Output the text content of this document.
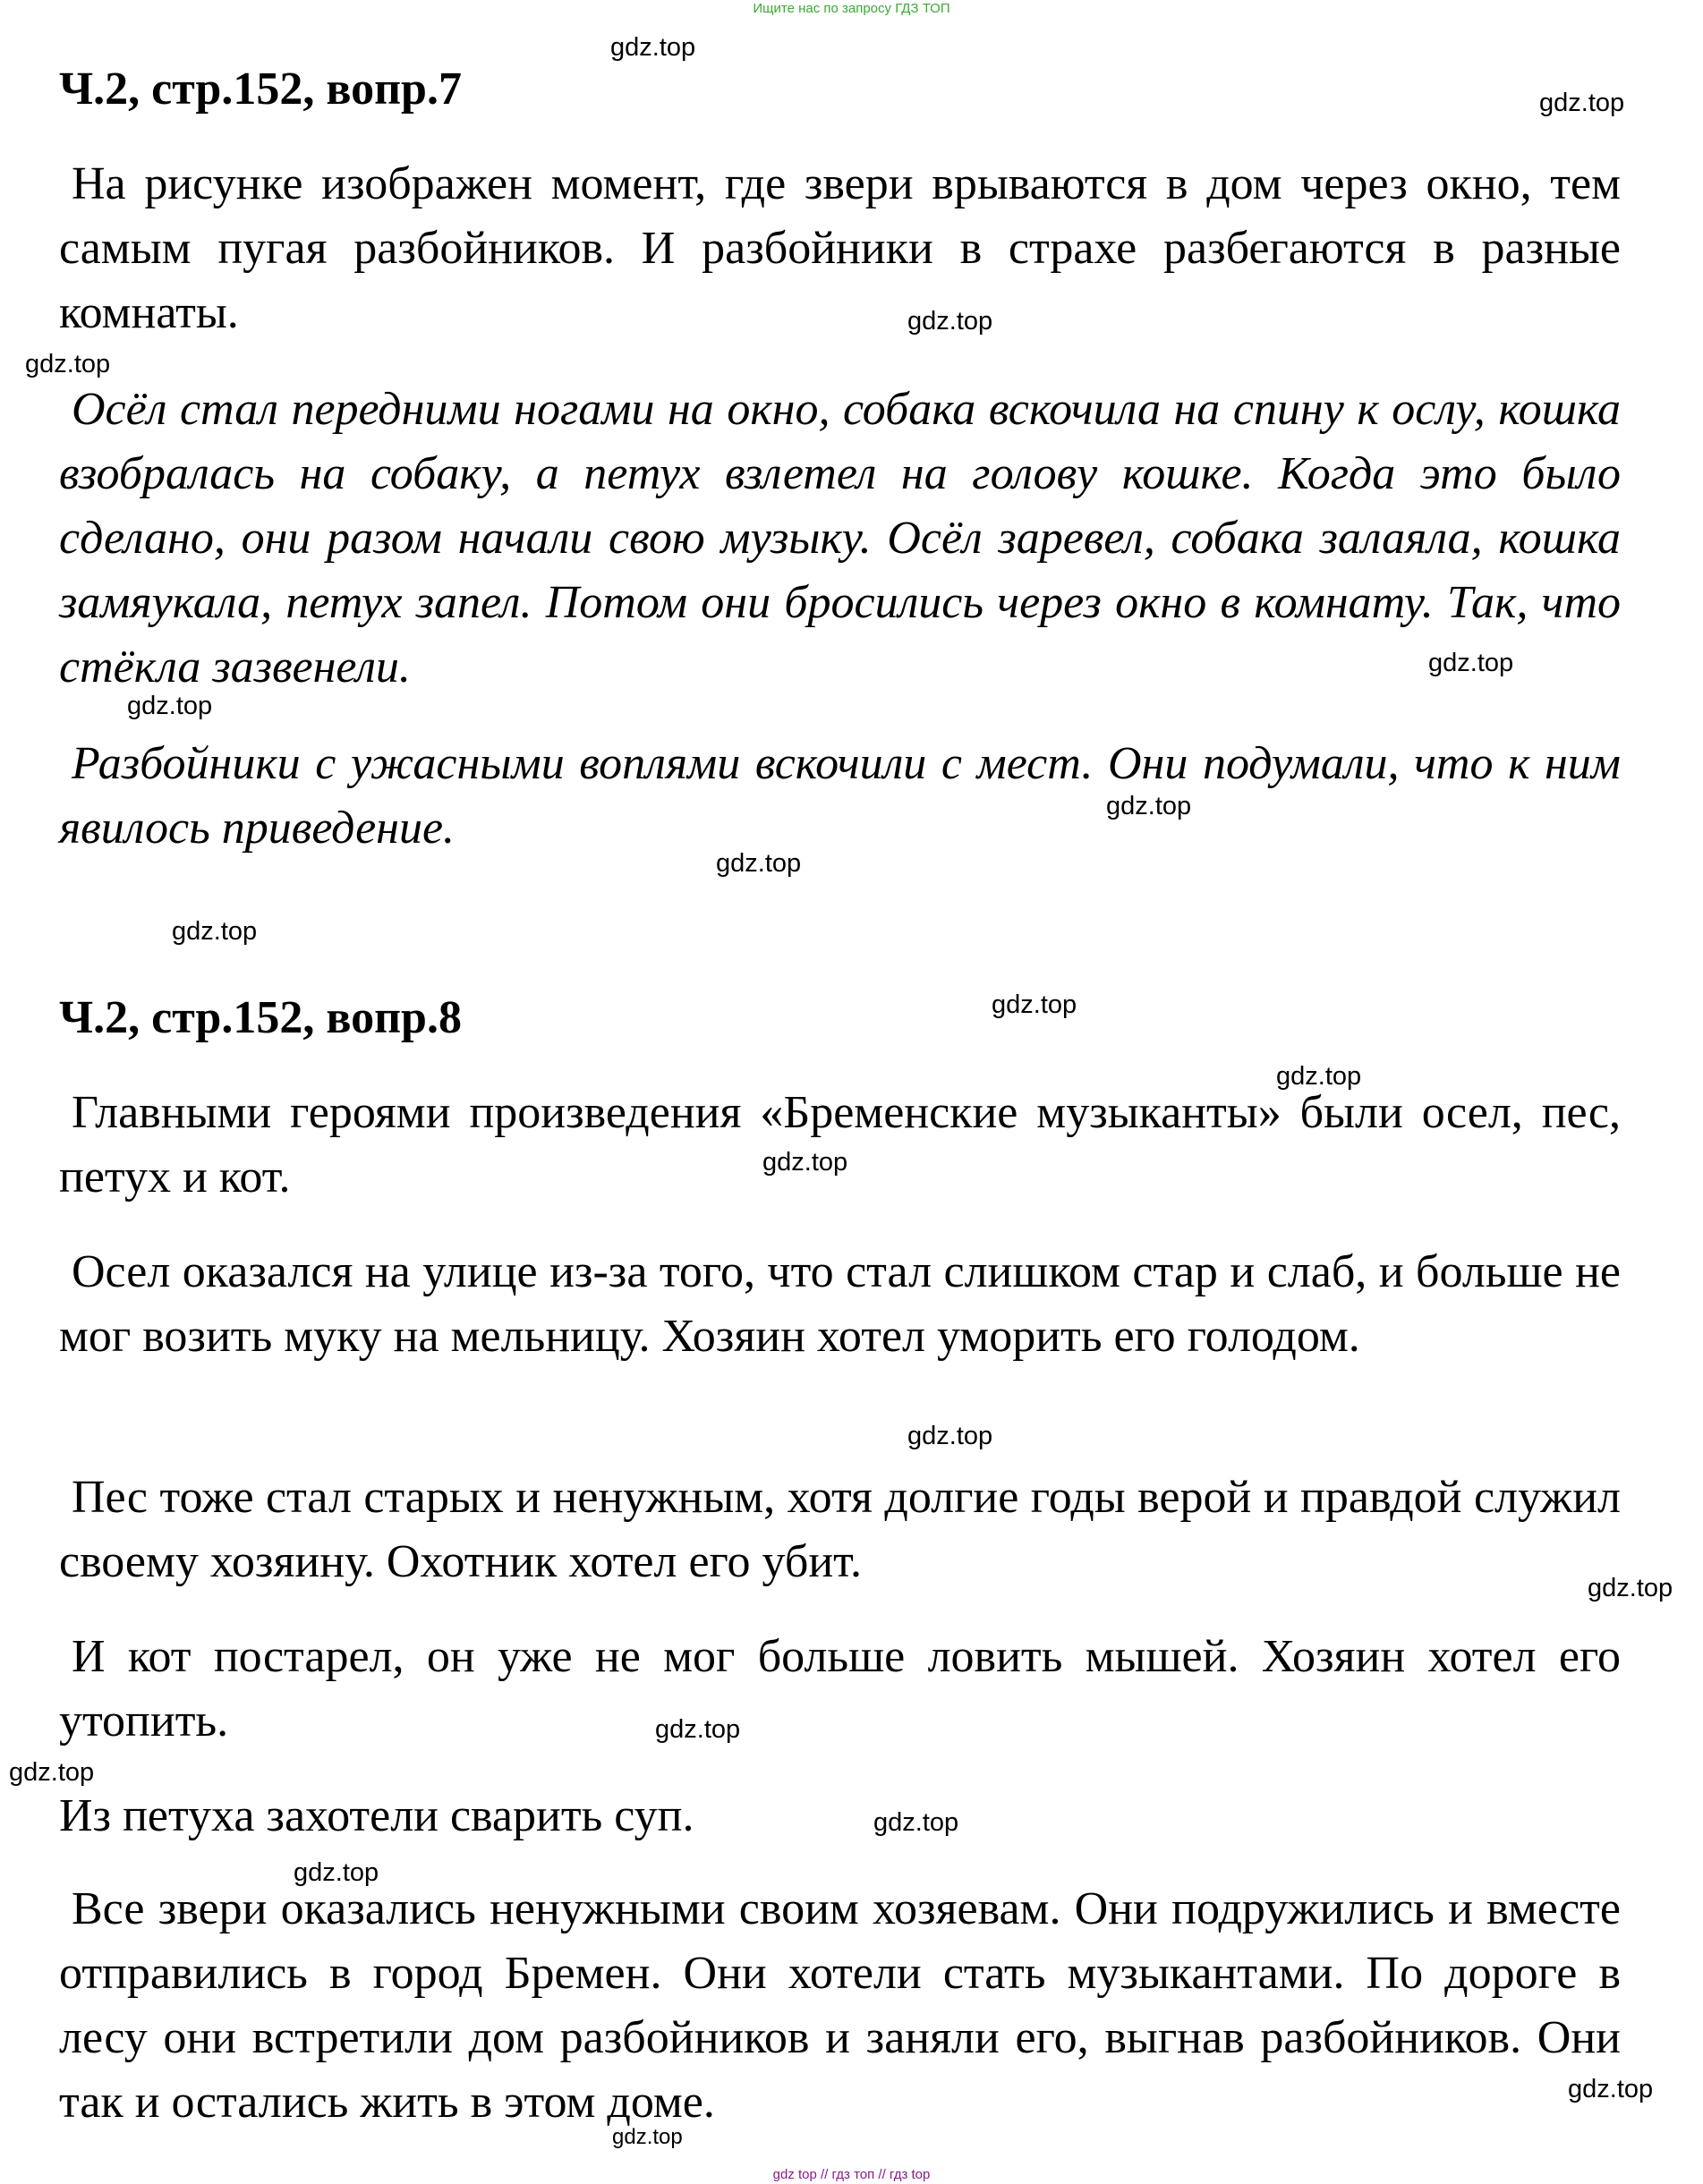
Ищите нас по запросу ГДЗ ТОП
Ч.2, стр.152, вопр.7
На рисунке изображен момент, где звери врываются в дом через окно, тем самым пугая разбойников. И разбойники в страхе разбегаются в разные комнаты.
Осёл стал передними ногами на окно, собака вскочила на спину к ослу, кошка взобралась на собаку, а петух взлетел на голову кошке. Когда это было сделано, они разом начали свою музыку. Осёл заревел, собака залаяла, кошка замяукала, петух запел. Потом они бросились через окно в комнату. Так, что стёкла зазвенели.
Разбойники с ужасными воплями вскочили с мест. Они подумали, что к ним явилось приведение.
Ч.2, стр.152, вопр.8
Главными героями произведения «Бременские музыканты» были осел, пес, петух и кот.
Осел оказался на улице из-за того, что стал слишком стар и слаб, и больше не мог возить муку на мельницу. Хозяин хотел уморить его голодом.
Пес тоже стал старых и ненужным, хотя долгие годы верой и правдой служил своему хозяину. Охотник хотел его убит.
И кот постарел, он уже не мог больше ловить мышей. Хозяин хотел его утопить.
Из петуха захотели сварить суп.
Все звери оказались ненужными своим хозяевам. Они подружились и вместе отправились в город Бремен. Они хотели стать музыкантами. По дороге в лесу они встретили дом разбойников и заняли его, выгнав разбойников. Они так и остались жить в этом доме.
gdz.top
gdz.top
gdz.top
gdz.top
gdz.top
gdz.top
gdz.top
gdz.top
gdz.top
gdz.top
gdz.top
gdz.top
gdz.top
gdz.top
gdz.top
gdz.top
gdz.top
gdz.top
gdz.top
gdz.top
gdz top // гдз топ // гдз top
